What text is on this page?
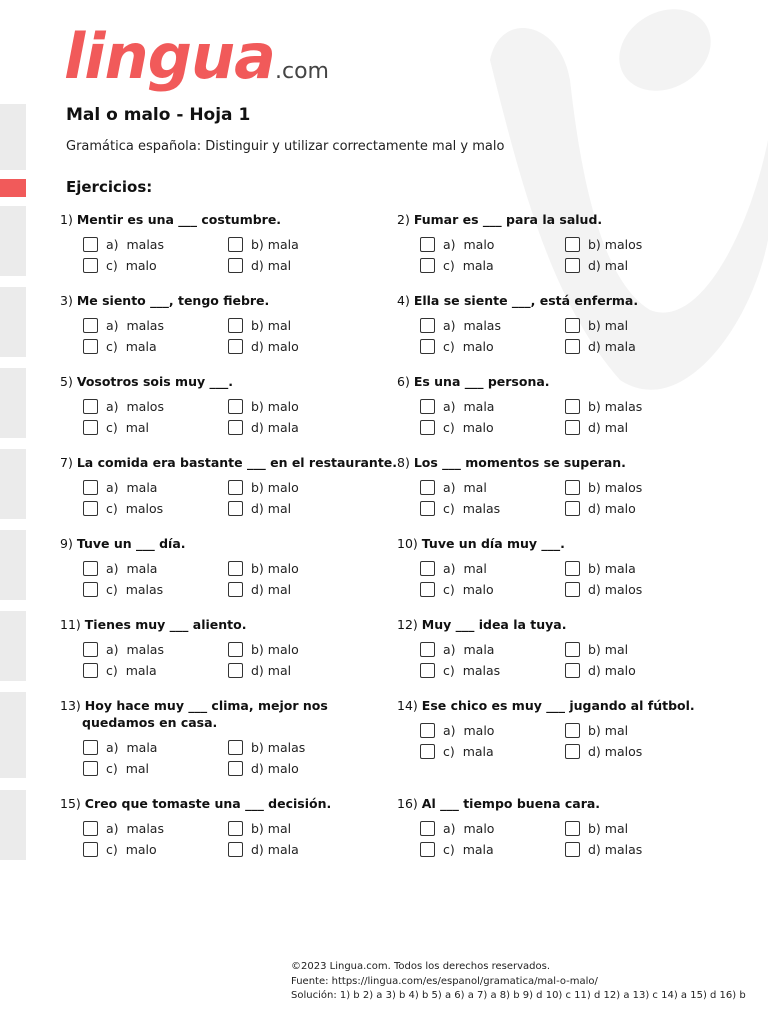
lingua.com
Mal o malo - Hoja 1
Gramática española: Distinguir y utilizar correctamente mal y malo
Ejercicios:
1) Mentir es una ___ costumbre.
a)  malas	b) mala
c)  malo	d) mal
2) Fumar es ___ para la salud.
a)  malo	b) malos
c)  mala	d) mal
3) Me siento ___, tengo fiebre.
a)  malas	b) mal
c)  mala	d) malo
4) Ella se siente ___, está enferma.
a)  malas	b) mal
c)  malo	d) mala
5) Vosotros sois muy ___.
a)  malos	b) malo
c)  mal	d) mala
6) Es una ___ persona.
a)  mala	b) malas
c)  malo	d) mal
7) La comida era bastante ___ en el restaurante.
a)  mala	b) malo
c)  malos	d) mal
8) Los ___ momentos se superan.
a)  mal	b) malos
c)  malas	d) malo
9) Tuve un ___ día.
a)  mala	b) malo
c)  malas	d) mal
10) Tuve un día muy ___.
a)  mal	b) mala
c)  malo	d) malos
11) Tienes muy ___ aliento.
a)  malas	b) malo
c)  mala	d) mal
12) Muy ___ idea la tuya.
a)  mala	b) mal
c)  malas	d) malo
13) Hoy hace muy ___ clima, mejor nos quedamos en casa.
a)  mala	b) malas
c)  mal	d) malo
14) Ese chico es muy ___ jugando al fútbol.
a)  malo	b) mal
c)  mala	d) malos
15) Creo que tomaste una ___ decisión.
a)  malas	b) mal
c)  malo	d) mala
16) Al ___ tiempo buena cara.
a)  malo	b) mal
c)  mala	d) malas
©2023 Lingua.com. Todos los derechos reservados.
Fuente: https://lingua.com/es/espanol/gramatica/mal-o-malo/
Solución: 1) b 2) a 3) b 4) b 5) a 6) a 7) a 8) b 9) d 10) c 11) d 12) a 13) c 14) a 15) d 16) b
